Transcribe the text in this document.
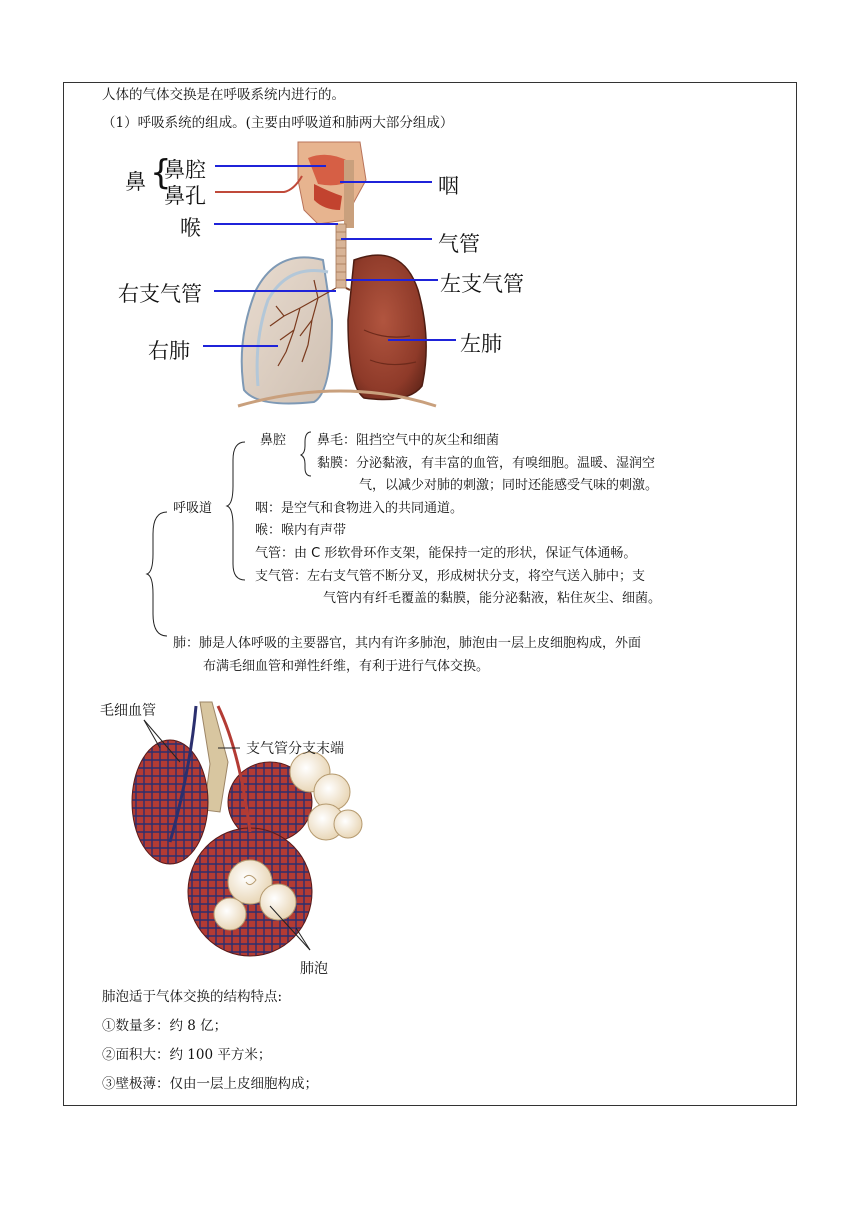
人体的气体交换是在呼吸系统内进行的。
（1）呼吸系统的组成。(主要由呼吸道和肺两大部分组成）
鼻 {
鼻腔
鼻孔	咽
喉
气管
右支气管	左支气管
右肺	左肺
呼吸道
鼻腔 鼻毛：阻挡空气中的灰尘和细菌
黏膜：分泌黏液，有丰富的血管，有嗅细胞。温暖、湿润空
气，以减少对肺的刺激；同时还能感受气味的刺激。
咽：是空气和食物进入的共同通道。
喉：喉内有声带
气管：由 C 形软骨环作支架，能保持一定的形状，保证气体通畅。
支气管：左右支气管不断分叉，形成树状分支，将空气送入肺中；支
气管内有纤毛覆盖的黏膜，能分泌黏液，粘住灰尘、细菌。
肺：肺是人体呼吸的主要器官，其内有许多肺泡，肺泡由一层上皮细胞构成，外面
布满毛细血管和弹性纤维，有利于进行气体交换。
毛细血管
支气管分支末端
肺泡
肺泡适于气体交换的结构特点:
①数量多：约 8 亿；
②面积大：约 100 平方米；
③壁极薄：仅由一层上皮细胞构成；
